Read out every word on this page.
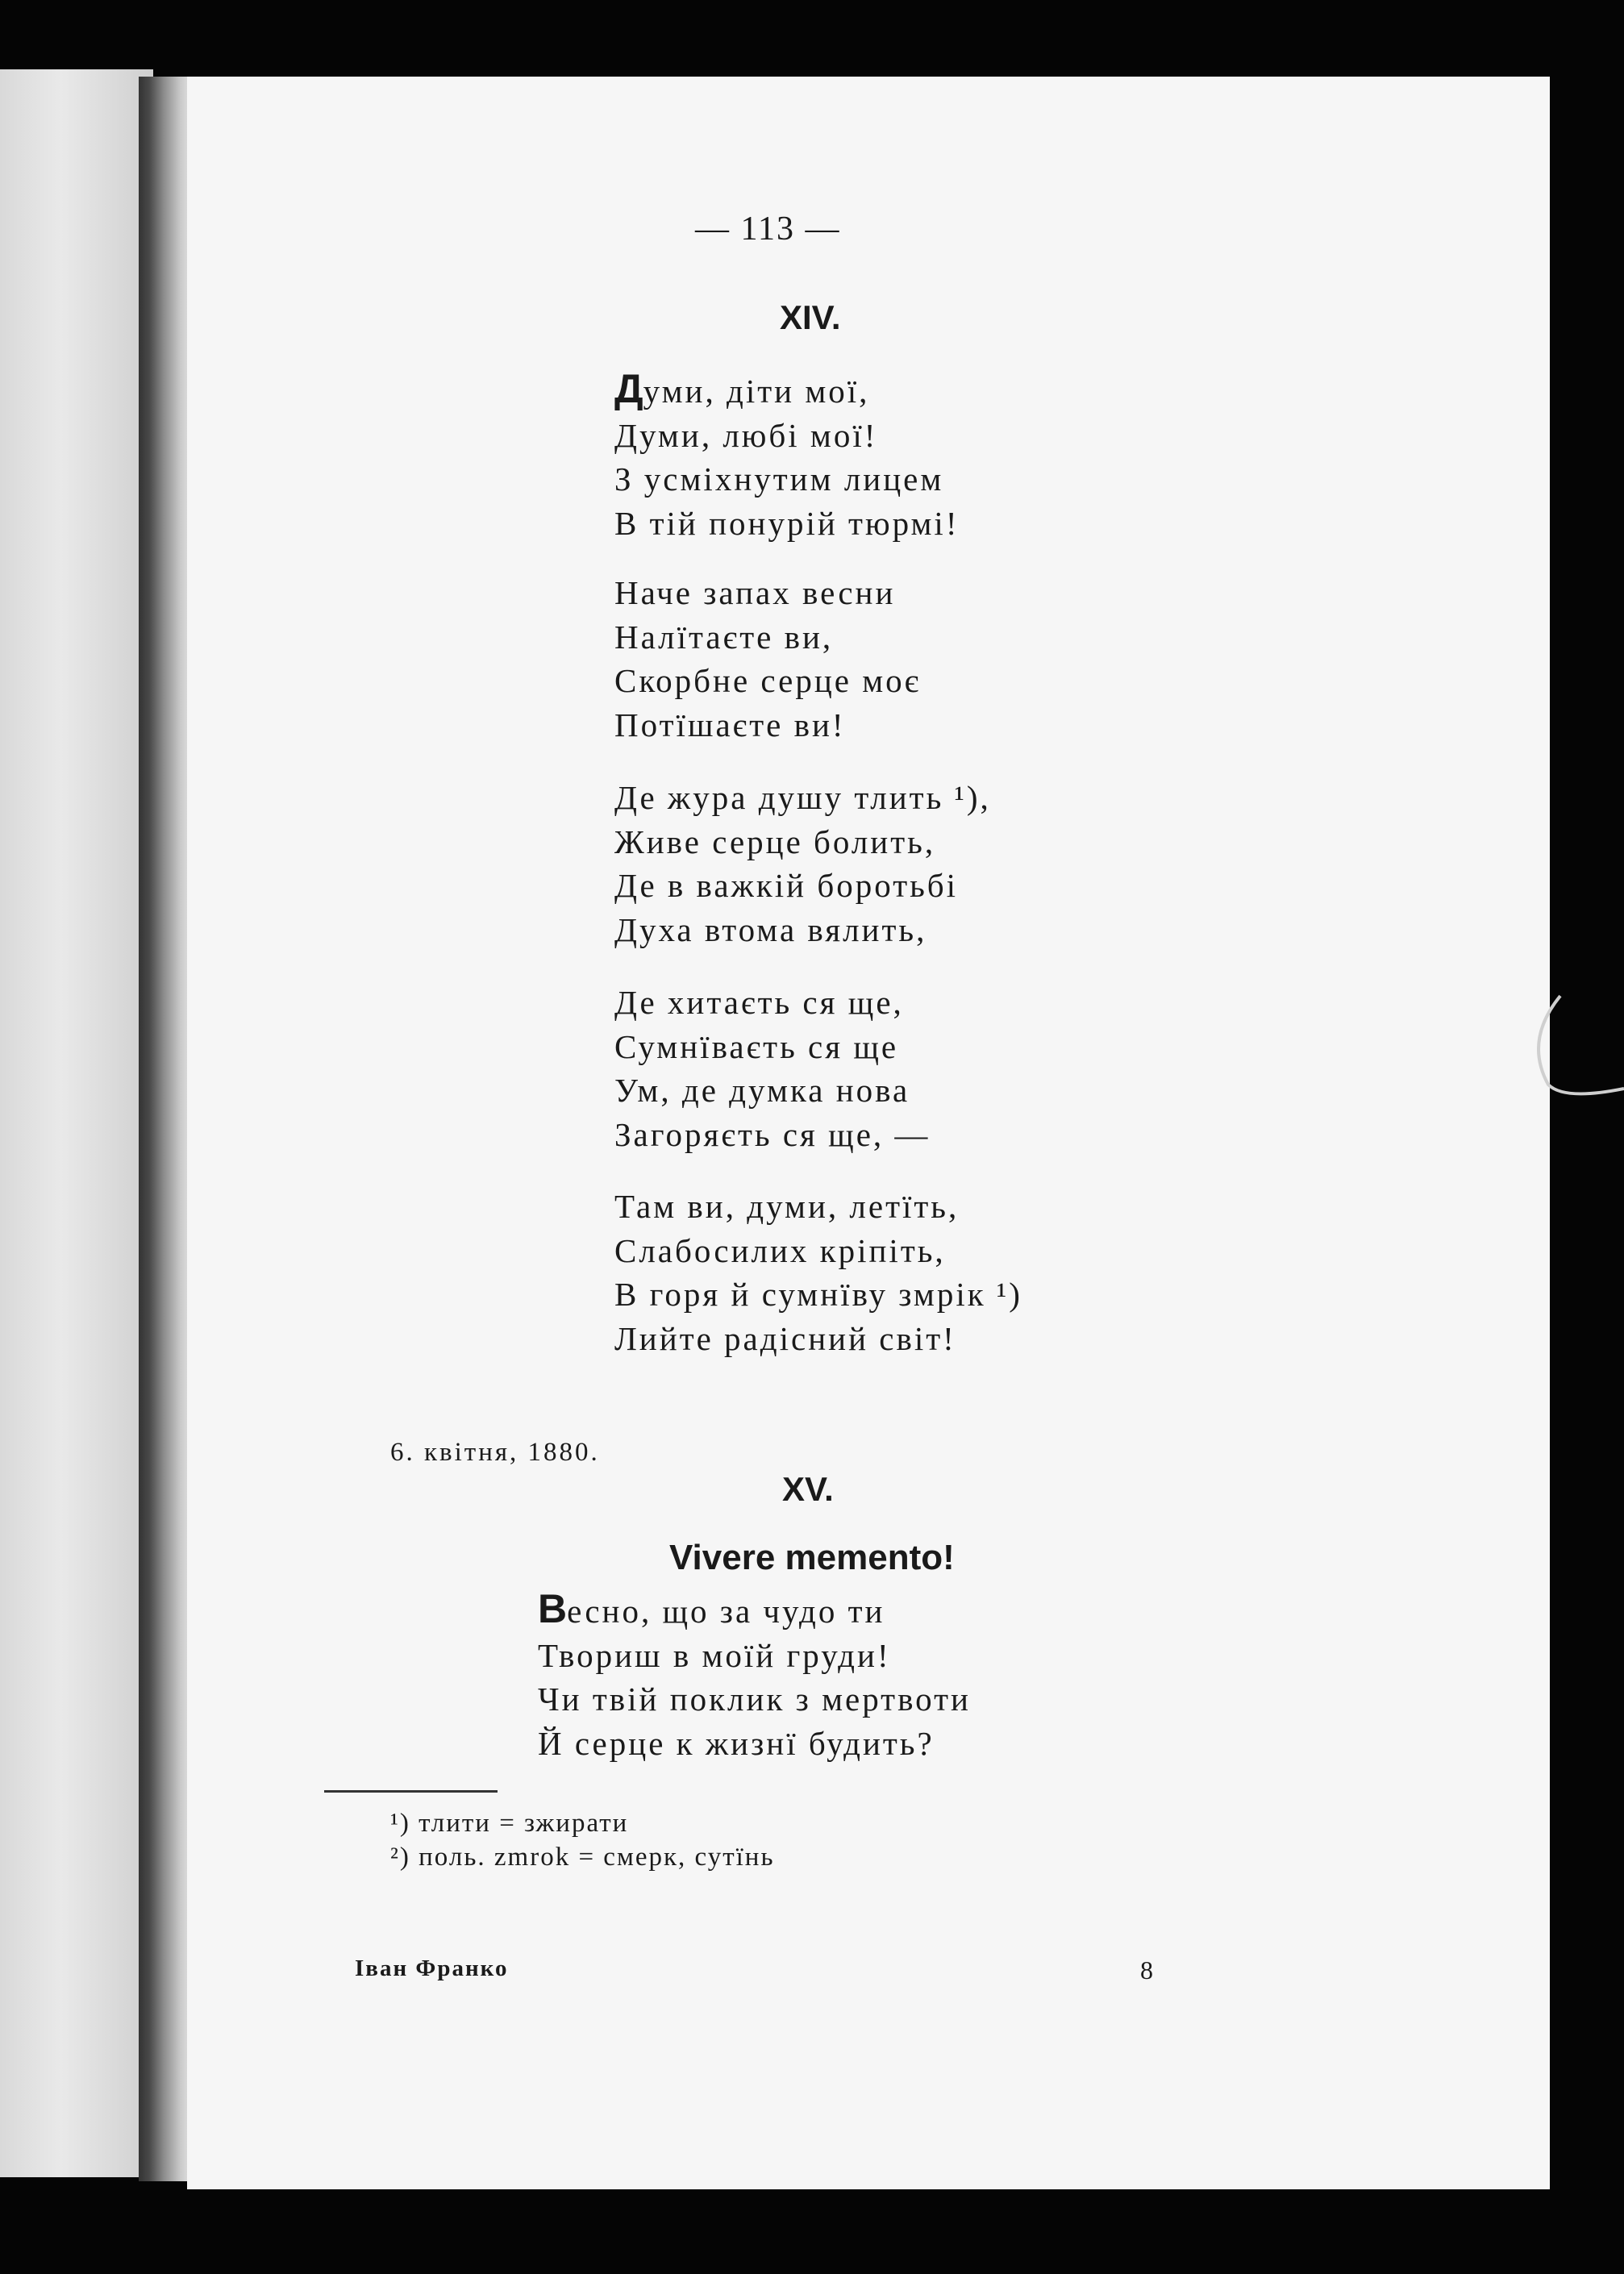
— 113 —
XIV.
Думи, діти мої,
Думи, любі мої!
З усміхнутим лицем
В тій понурій тюрмі!
Наче запах весни
Налїтаєте ви,
Скорбне серце моє
Потїшаєте ви!
Де жура душу тлить ¹),
Живе серце болить,
Де в важкій боротьбі
Духа втома вялить,
Де хитаєть ся ще,
Сумнїваєть ся ще
Ум, де думка нова
Загоряєть ся ще, —
Там ви, думи, летїть,
Слабосилих кріпіть,
В горя й сумнїву змрік ¹)
Лийте радісний світ!
6. квітня, 1880.
XV.
Vivere memento!
Весно, що за чудо ти
Твориш в моїй груди!
Чи твій поклик з мертвоти
Й серце к жизнї будить?
¹) тлити = зжирати
²) поль. zmrok = смерк, сутїнь
Іван Франко	8
